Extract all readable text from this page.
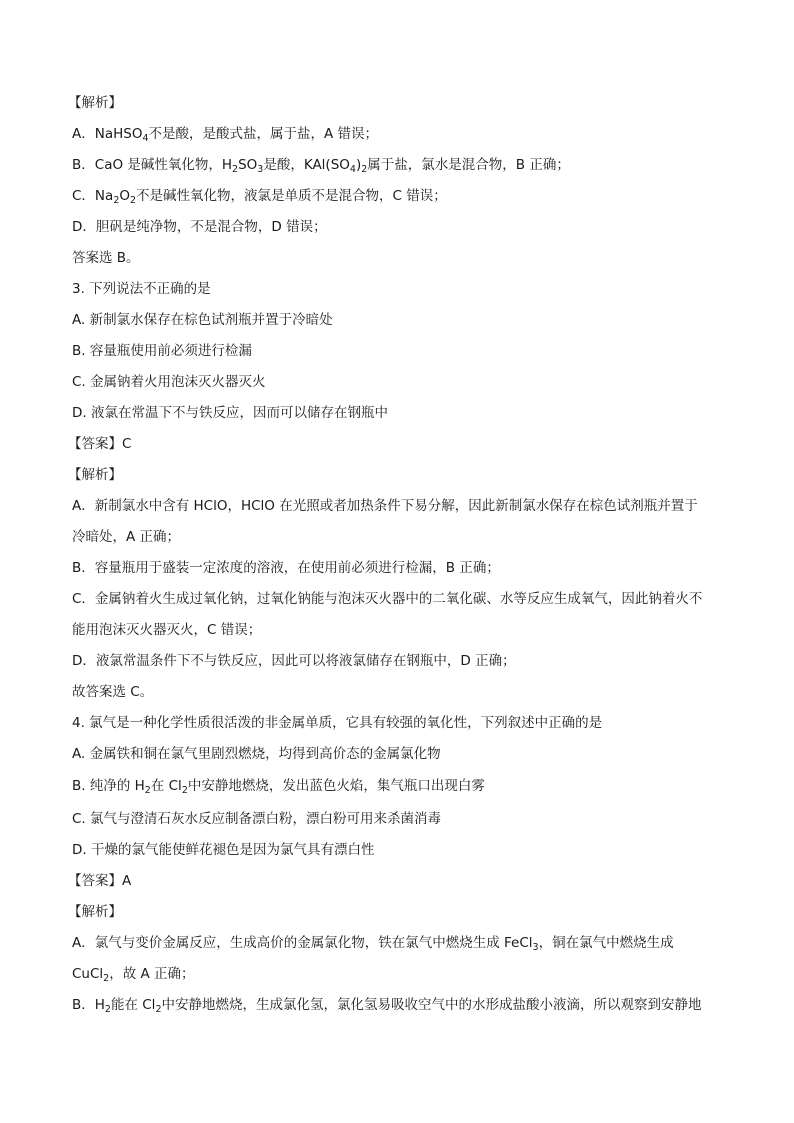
【解析】
A．NaHSO$_4$不是酸，是酸式盐，属于盐，A 错误；
B．CaO 是碱性氧化物，$H_2SO_3$是酸，$KAl(SO_4)_2$属于盐，氯水是混合物，B 正确；
C．$Na_2O_2$不是碱性氧化物，液氯是单质不是混合物，C 错误；
D．胆矾是纯净物，不是混合物，D 错误；
答案选 B。
3. 下列说法不正确的是
A. 新制氯水保存在棕色试剂瓶并置于冷暗处
B. 容量瓶使用前必须进行检漏
C. 金属钠着火用泡沫灭火器灭火
D. 液氯在常温下不与铁反应，因而可以储存在钢瓶中
【答案】C
【解析】
A．新制氯水中含有 HClO，HClO 在光照或者加热条件下易分解，因此新制氯水保存在棕色试剂瓶并置于
冷暗处，A 正确；
B．容量瓶用于盛装一定浓度的溶液，在使用前必须进行检漏，B 正确；
C．金属钠着火生成过氧化钠，过氧化钠能与泡沫灭火器中的二氧化碳、水等反应生成氧气，因此钠着火不
能用泡沫灭火器灭火，C 错误；
D．液氯常温条件下不与铁反应，因此可以将液氯储存在钢瓶中，D 正确；
故答案选 C。
4. 氯气是一种化学性质很活泼的非金属单质，它具有较强的氧化性，下列叙述中正确的是
A. 金属铁和铜在氯气里剧烈燃烧，均得到高价态的金属氯化物
B. 纯净的 $H_2$在 $Cl_2$中安静地燃烧，发出蓝色火焰，集气瓶口出现白雾
C. 氯气与澄清石灰水反应制备漂白粉，漂白粉可用来杀菌消毒
D. 干燥的氯气能使鲜花褪色是因为氯气具有漂白性
【答案】A
【解析】
A．氯气与变价金属反应，生成高价的金属氯化物，铁在氯气中燃烧生成 FeCl$_3$，铜在氯气中燃烧生成
CuCl$_2$，故 A 正确；
B．$H_2$能在 $Cl_2$中安静地燃烧，生成氯化氢，氯化氢易吸收空气中的水形成盐酸小液滴，所以观察到安静地
